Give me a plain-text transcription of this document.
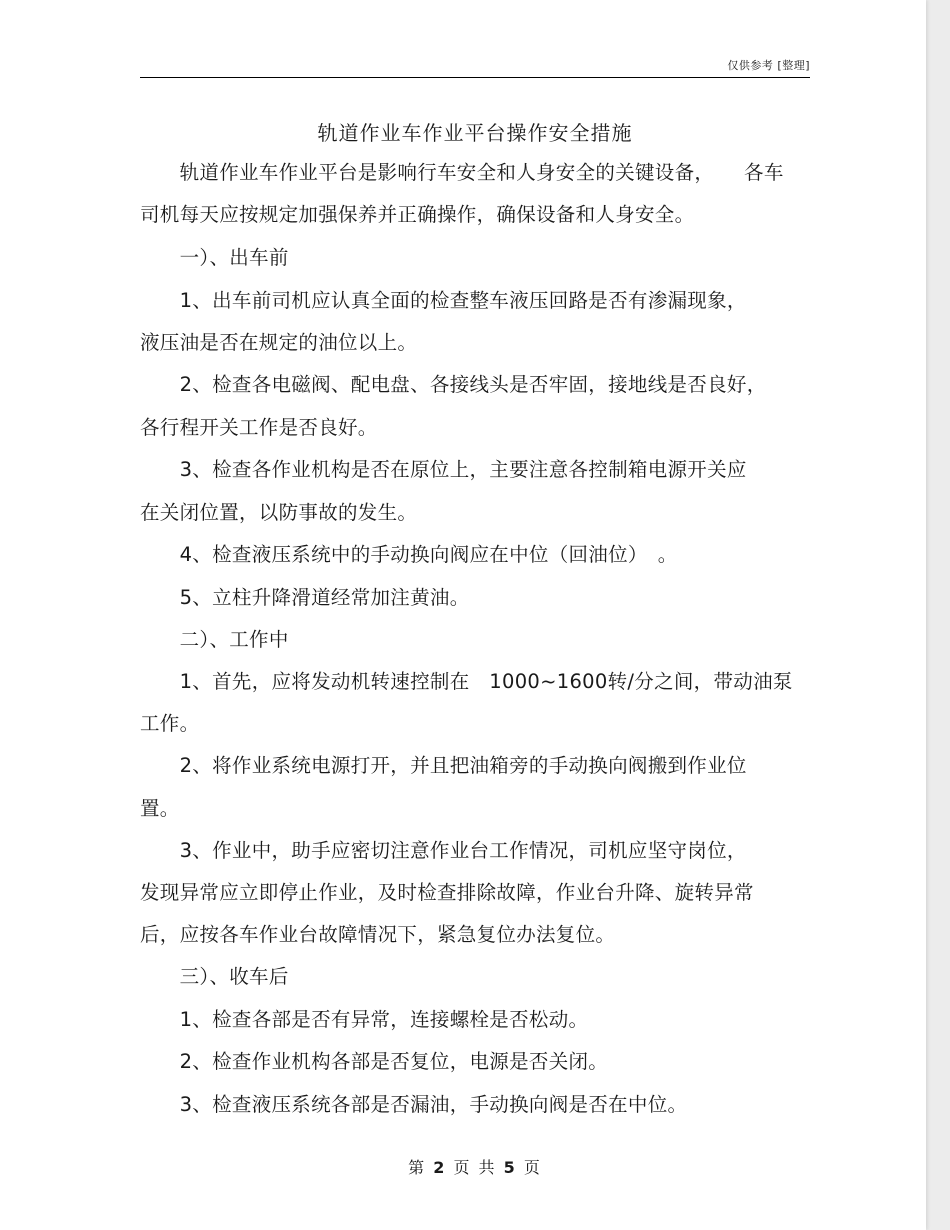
仅供参考 [整理]
轨道作业车作业平台操作安全措施
　　轨道作业车作业平台是影响行车安全和人身安全的关键设备，　　各车
司机每天应按规定加强保养并正确操作，确保设备和人身安全。
　　一）、出车前
　　1、出车前司机应认真全面的检查整车液压回路是否有渗漏现象，
液压油是否在规定的油位以上。
　　2、检查各电磁阀、配电盘、各接线头是否牢固，接地线是否良好，
各行程开关工作是否良好。
　　3、检查各作业机构是否在原位上，主要注意各控制箱电源开关应
在关闭位置，以防事故的发生。
　　4、检查液压系统中的手动换向阀应在中位（回油位）　。
　　5、立柱升降滑道经常加注黄油。
　　二）、工作中
　　1、首先，应将发动机转速控制在　1000~1600转/分之间，带动油泵
工作。
　　2、将作业系统电源打开，并且把油箱旁的手动换向阀搬到作业位
置。
　　3、作业中，助手应密切注意作业台工作情况，司机应坚守岗位，
发现异常应立即停止作业，及时检查排除故障，作业台升降、旋转异常
后，应按各车作业台故障情况下，紧急复位办法复位。
　　三）、收车后
　　1、检查各部是否有异常，连接螺栓是否松动。
　　2、检查作业机构各部是否复位，电源是否关闭。
　　3、检查液压系统各部是否漏油，手动换向阀是否在中位。
第 2 页 共 5 页
